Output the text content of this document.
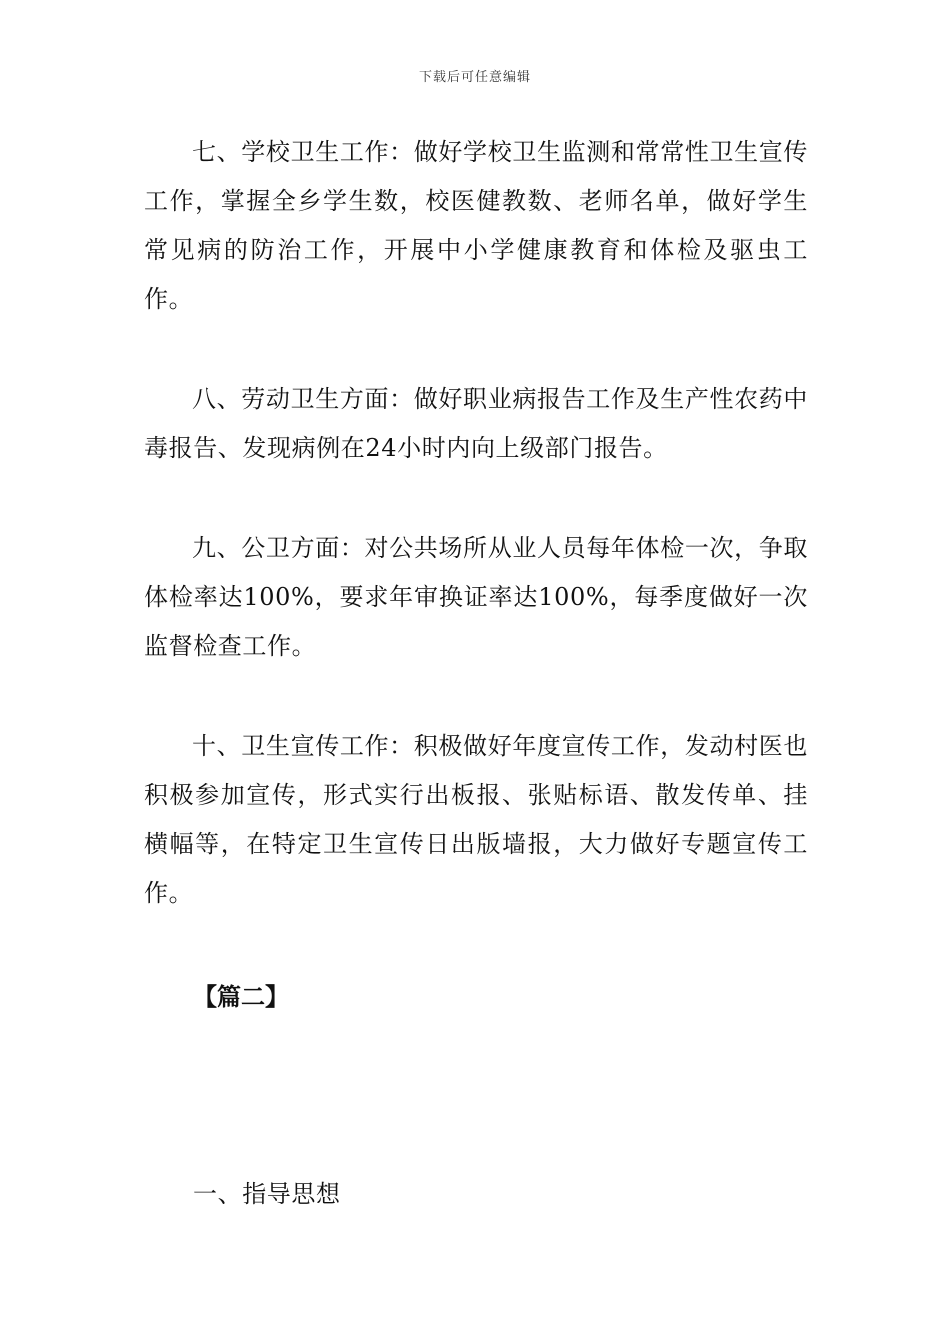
下载后可任意编辑

七、学校卫生工作：做好学校卫生监测和常常性卫生宣传工作，掌握全乡学生数，校医健教数、老师名单，做好学生常见病的防治工作，开展中小学健康教育和体检及驱虫工作。

八、劳动卫生方面：做好职业病报告工作及生产性农药中毒报告、发现病例在24小时内向上级部门报告。

九、公卫方面：对公共场所从业人员每年体检一次，争取体检率达100%，要求年审换证率达100%，每季度做好一次监督检查工作。

十、卫生宣传工作：积极做好年度宣传工作，发动村医也积极参加宣传，形式实行出板报、张贴标语、散发传单、挂横幅等，在特定卫生宣传日出版墙报，大力做好专题宣传工作。

【篇二】

一、指导思想
